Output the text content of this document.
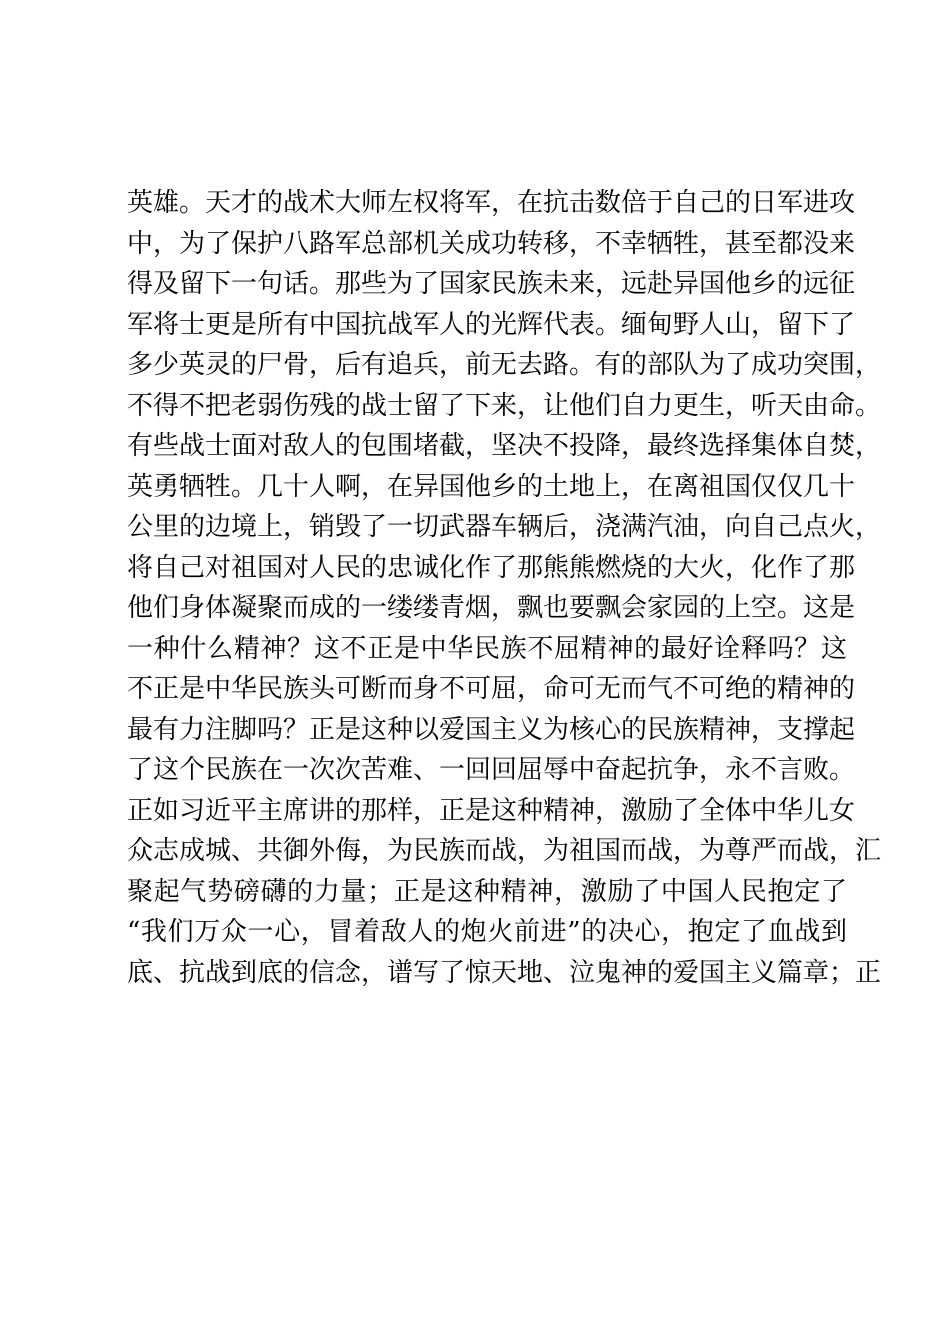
英雄。天才的战术大师左权将军，在抗击数倍于自己的日军进攻
中，为了保护八路军总部机关成功转移，不幸牺牲，甚至都没来
得及留下一句话。那些为了国家民族未来，远赴异国他乡的远征
军将士更是所有中国抗战军人的光辉代表。缅甸野人山，留下了
多少英灵的尸骨，后有追兵，前无去路。有的部队为了成功突围，
不得不把老弱伤残的战士留了下来，让他们自力更生，听天由命。
有些战士面对敌人的包围堵截，坚决不投降，最终选择集体自焚，
英勇牺牲。几十人啊，在异国他乡的土地上，在离祖国仅仅几十
公里的边境上，销毁了一切武器车辆后，浇满汽油，向自己点火，
将自己对祖国对人民的忠诚化作了那熊熊燃烧的大火，化作了那
他们身体凝聚而成的一缕缕青烟，飘也要飘会家园的上空。这是
一种什么精神？这不正是中华民族不屈精神的最好诠释吗？这
不正是中华民族头可断而身不可屈，命可无而气不可绝的精神的
最有力注脚吗？正是这种以爱国主义为核心的民族精神，支撑起
了这个民族在一次次苦难、一回回屈辱中奋起抗争，永不言败。
正如习近平主席讲的那样，正是这种精神，激励了全体中华儿女
众志成城、共御外侮，为民族而战，为祖国而战，为尊严而战，汇
聚起气势磅礴的力量；正是这种精神，激励了中国人民抱定了
“我们万众一心，冒着敌人的炮火前进”的决心，抱定了血战到
底、抗战到底的信念，谱写了惊天地、泣鬼神的爱国主义篇章；正
